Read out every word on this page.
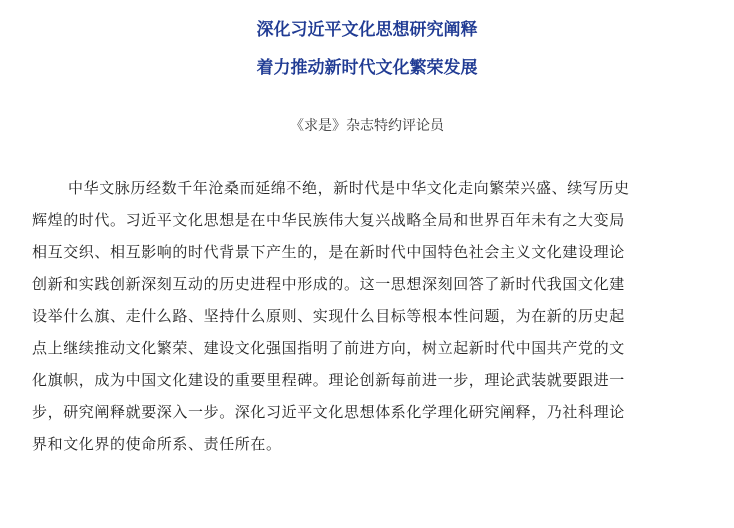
深化习近平文化思想研究阐释
着力推动新时代文化繁荣发展

《求是》杂志特约评论员

中华文脉历经数千年沧桑而延绵不绝，新时代是中华文化走向繁荣兴盛、续写历史
辉煌的时代。习近平文化思想是在中华民族伟大复兴战略全局和世界百年未有之大变局
相互交织、相互影响的时代背景下产生的，是在新时代中国特色社会主义文化建设理论
创新和实践创新深刻互动的历史进程中形成的。这一思想深刻回答了新时代我国文化建
设举什么旗、走什么路、坚持什么原则、实现什么目标等根本性问题，为在新的历史起
点上继续推动文化繁荣、建设文化强国指明了前进方向，树立起新时代中国共产党的文
化旗帜，成为中国文化建设的重要里程碑。理论创新每前进一步，理论武装就要跟进一
步，研究阐释就要深入一步。深化习近平文化思想体系化学理化研究阐释，乃社科理论
界和文化界的使命所系、责任所在。
